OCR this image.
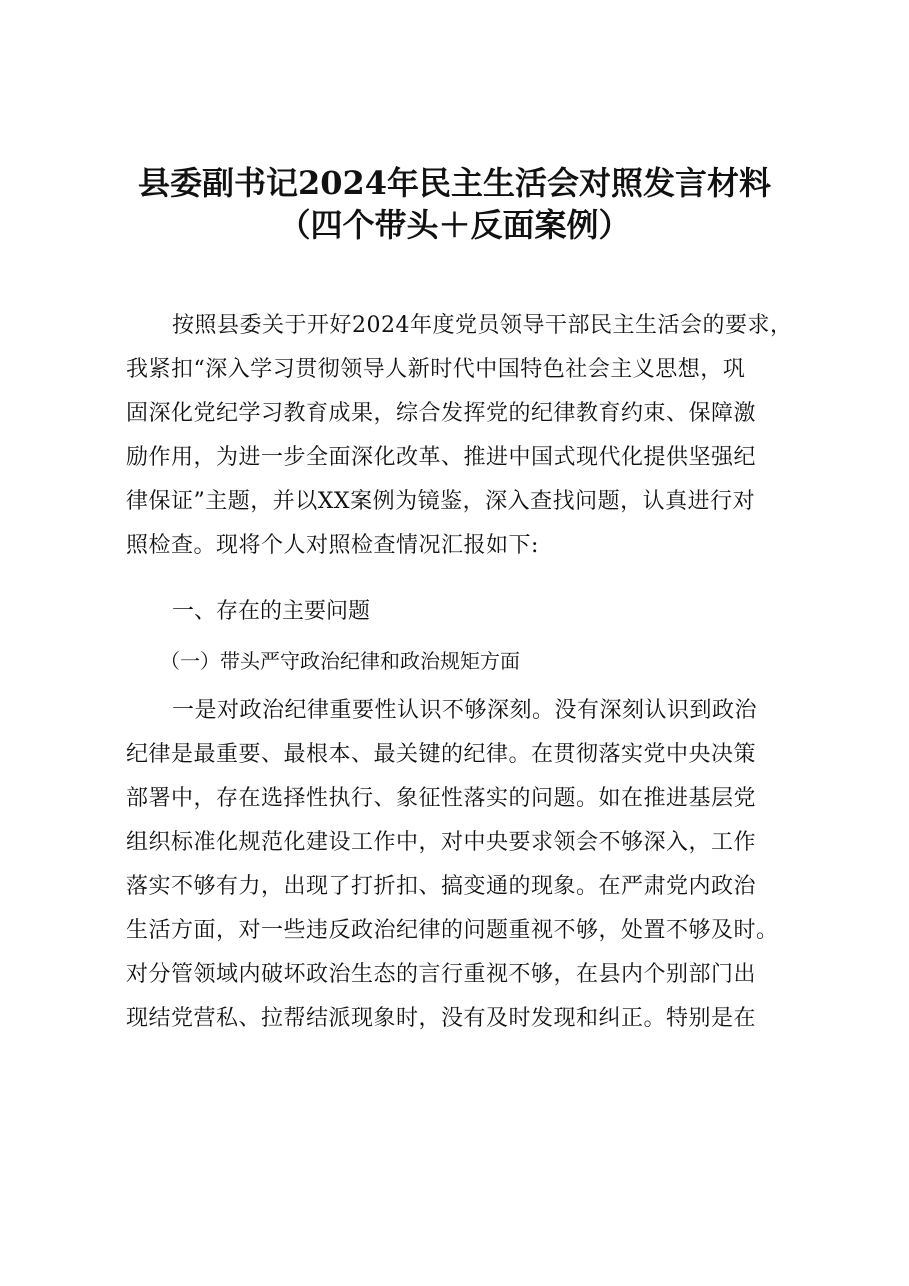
县委副书记2024年民主生活会对照发言材料
（四个带头＋反面案例）
按照县委关于开好2024年度党员领导干部民主生活会的要求，
我紧扣“深入学习贯彻领导人新时代中国特色社会主义思想，巩
固深化党纪学习教育成果，综合发挥党的纪律教育约束、保障激
励作用，为进一步全面深化改革、推进中国式现代化提供坚强纪
律保证”主题，并以XX案例为镜鉴，深入查找问题，认真进行对
照检查。现将个人对照检查情况汇报如下:
一、存在的主要问题
（一）带头严守政治纪律和政治规矩方面
一是对政治纪律重要性认识不够深刻。没有深刻认识到政治
纪律是最重要、最根本、最关键的纪律。在贯彻落实党中央决策
部署中，存在选择性执行、象征性落实的问题。如在推进基层党
组织标准化规范化建设工作中，对中央要求领会不够深入，工作
落实不够有力，出现了打折扣、搞变通的现象。在严肃党内政治
生活方面，对一些违反政治纪律的问题重视不够，处置不够及时。
对分管领域内破坏政治生态的言行重视不够，在县内个别部门出
现结党营私、拉帮结派现象时，没有及时发现和纠正。特别是在
